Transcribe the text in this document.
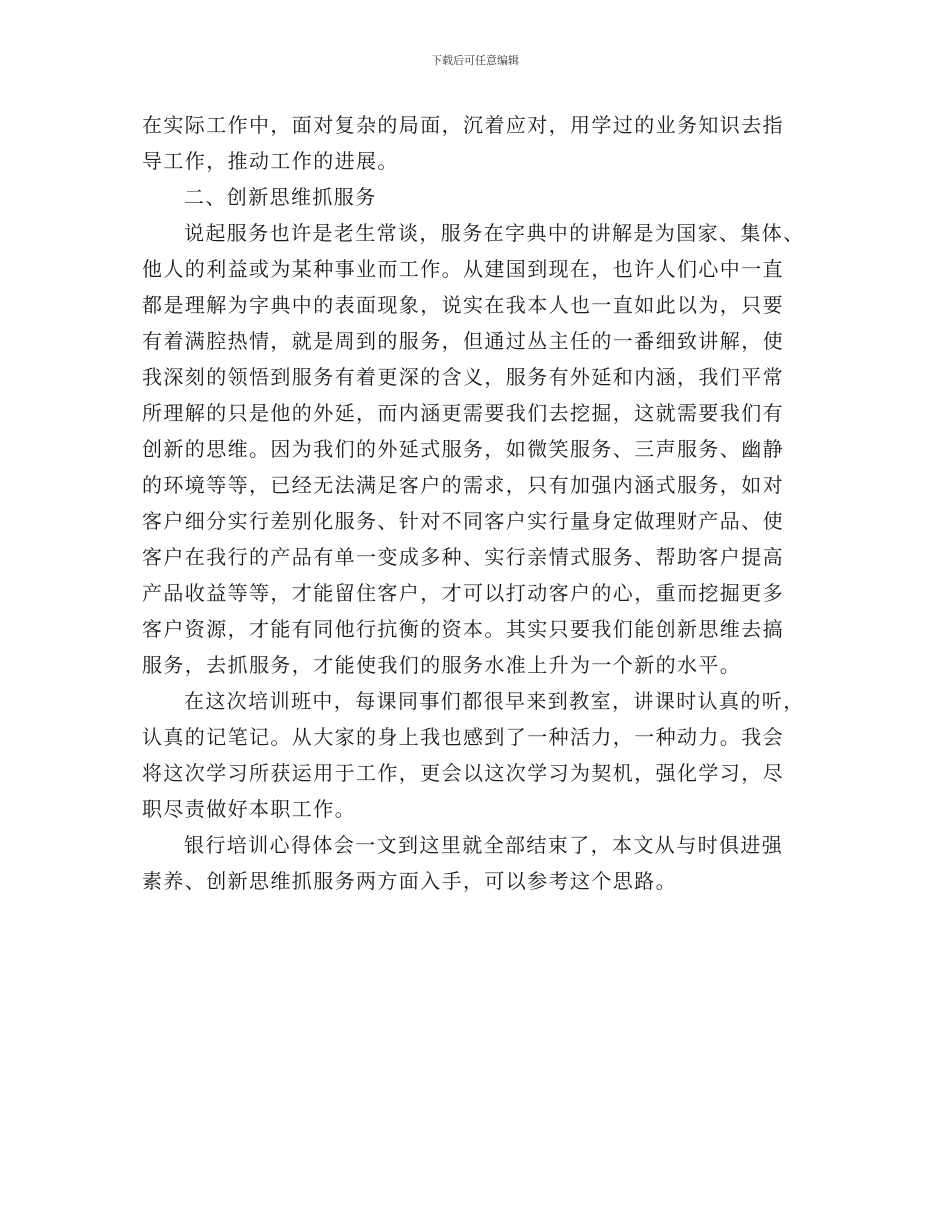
下载后可任意编辑
在实际工作中，面对复杂的局面，沉着应对，用学过的业务知识去指
导工作，推动工作的进展。
二、创新思维抓服务
说起服务也许是老生常谈，服务在字典中的讲解是为国家、集体、
他人的利益或为某种事业而工作。从建国到现在，也许人们心中一直
都是理解为字典中的表面现象，说实在我本人也一直如此以为，只要
有着满腔热情，就是周到的服务，但通过丛主任的一番细致讲解，使
我深刻的领悟到服务有着更深的含义，服务有外延和内涵，我们平常
所理解的只是他的外延，而内涵更需要我们去挖掘，这就需要我们有
创新的思维。因为我们的外延式服务，如微笑服务、三声服务、幽静
的环境等等，已经无法满足客户的需求，只有加强内涵式服务，如对
客户细分实行差别化服务、针对不同客户实行量身定做理财产品、使
客户在我行的产品有单一变成多种、实行亲情式服务、帮助客户提高
产品收益等等，才能留住客户，才可以打动客户的心，重而挖掘更多
客户资源，才能有同他行抗衡的资本。其实只要我们能创新思维去搞
服务，去抓服务，才能使我们的服务水准上升为一个新的水平。
在这次培训班中，每课同事们都很早来到教室，讲课时认真的听，
认真的记笔记。从大家的身上我也感到了一种活力，一种动力。我会
将这次学习所获运用于工作，更会以这次学习为契机，强化学习，尽
职尽责做好本职工作。
银行培训心得体会一文到这里就全部结束了，本文从与时俱进强
素养、创新思维抓服务两方面入手，可以参考这个思路。
